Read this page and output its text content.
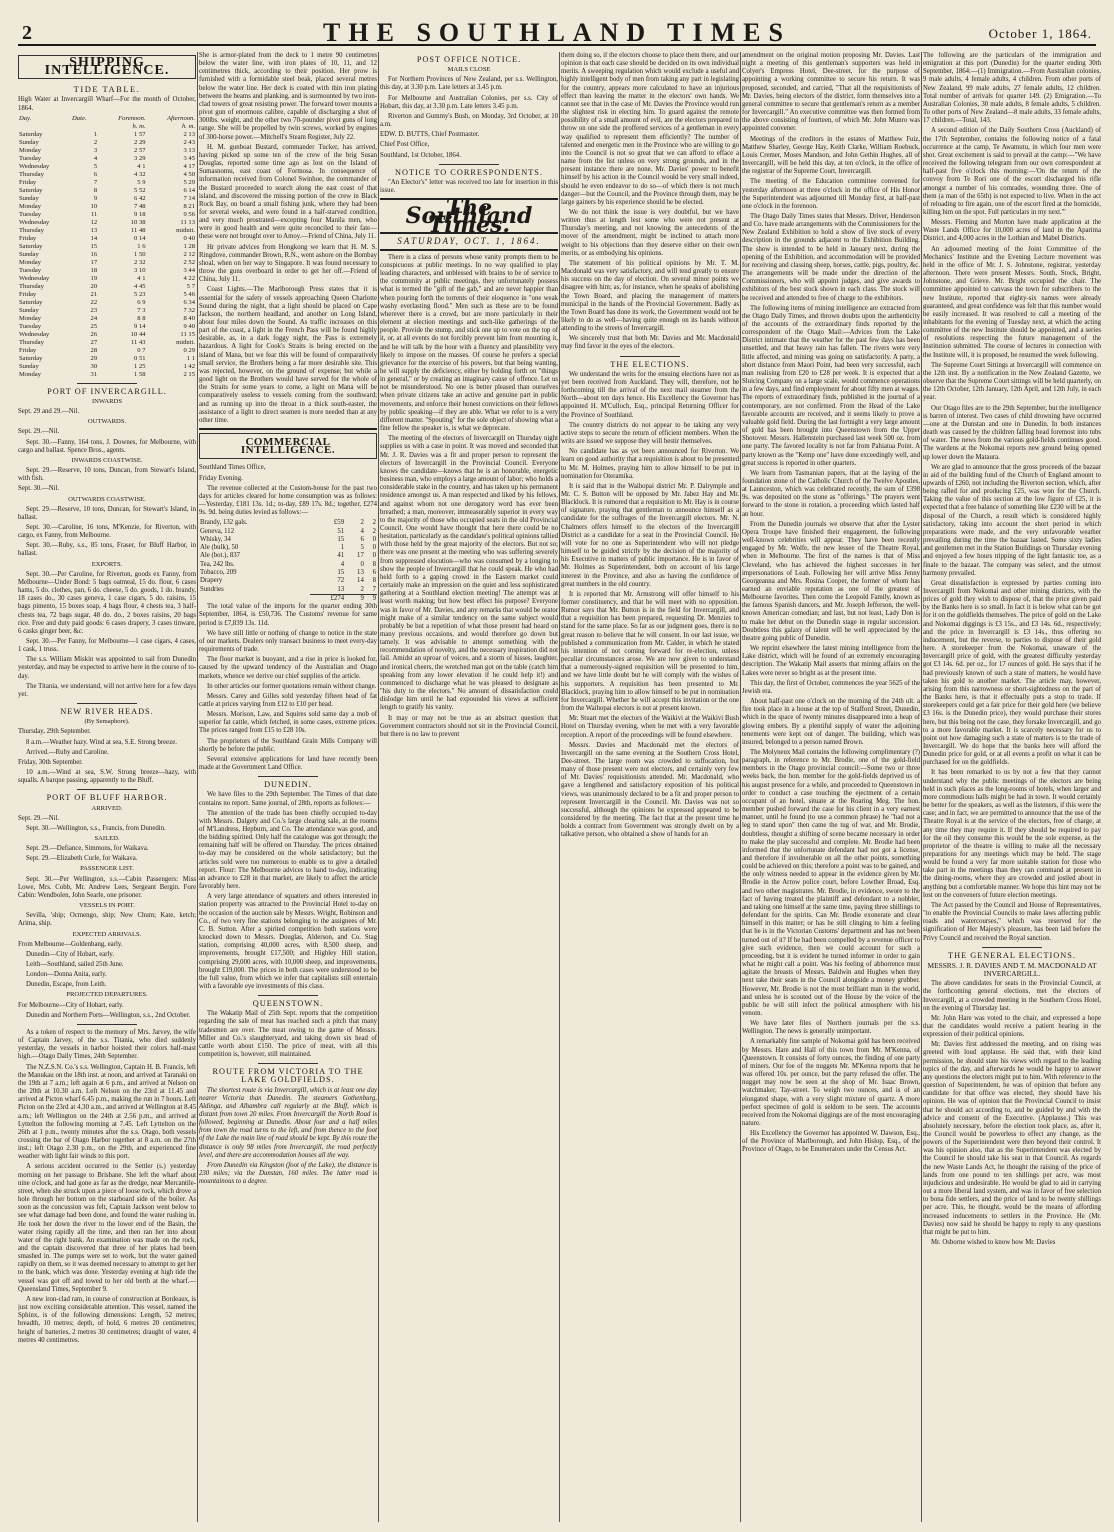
2	THE SOUTHLAND TIMES	October 1, 1864.
SHIPPING INTELLIGENCE.
TIDE TABLE.

High Water at Invercargill Wharf—For the month of October, 1864.

Day.	Date.	Forenoon.	Afternoon.
		h. m.	h. m.
Saturday	1	1 57	2 13
Sunday	2	2 29	2 43
Monday	3	2 57	3 13
Tuesday	4	3 29	3 45
Wednesday	5	4 1	4 17
Thursday	6	4 32	4 50
Friday	7	5 9	5 29
Saturday	8	5 52	6 14
Sunday	9	6 42	7 14
Monday	10	7 48	8 21
Tuesday	11	9 18	9 56
Wednesday	12	10 38	11 13
Thursday	13	11 48	midnit.
Friday	14	0 14	0 40
Saturday	15	1 6	1 28
Sunday	16	1 50	2 12
Monday	17	2 32	2 52
Tuesday	18	3 10	3 44
Wednesday	19	4 1	4 22
Thursday	20	4 45	5 7
Friday	21	5 23	5 46
Saturday	22	6 9	6 34
Sunday	23	7 3	7 32
Monday	24	8 8	8 40
Tuesday	25	9 14	9 40
Wednesday	26	10 44	11 15
Thursday	27	11 43	midnit.
Friday	28	0 7	0 29
Saturday	29	0 51	1 1
Sunday	30	1 25	1 42
Monday	31	1 58	2 15
PORT OF INVERCARGILL.
INWARDS

Sept. 29 and 29.—Nil.

OUTWARDS.

Sept. 29.—Nil.

Sept. 30.—Fanny, 164 tons, J. Downes, for Melbourne, with cargo and ballast. Spence Bros., agents.

INWARDS COASTWISE.

Sept. 29.—Reserve, 10 tons, Duncan, from Stewart's Island, with fish.

Sept. 30.—Nil.

OUTWARDS COASTWISE.

Sept. 29.—Reserve, 10 tons, Duncan, for Stewart's Island, in ballast.

Sept. 30.—Caroline, 16 tons, M'Kenzie, for Riverton, with cargo, ex Fanny, from Melbourne.

Sept. 30.—Ruby, s.s., 85 tons, Fraser, for Bluff Harbor, in ballast.

EXPORTS.

Sept. 30.—Per Caroline, for Riverton, goods ex Fanny, from Melbourne—Under Bond: 5 bags oatmeal, 15 do. flour, 6 cases hams, 5 do. clothes, pan, 6 do. cheese, 5 do. goods, 1 do. brandy, 18 cases do., 30 cases geneva, 1 case cigars, 5 do. raisins, 15 bags pimento, 15 boxes soap, 4 bags flour, 4 chests tea, 3 half-chests tea, 72 bags sugar, 48 do. do., 2 boxes raisins, 20 bags rice. Free and duty paid goods: 6 cases drapery, 3 cases tinware, 6 casks ginger beer, &c.

Sept. 30.—Per Fanny, for Melbourne—1 case cigars, 4 cases, 1 cask, 1 truss.

The s.s. William Miskin was appointed to sail from Dunedin yesterday, and may be expected to arrive here in the course of to-day.

The Titania, we understand, will not arrive here for a few days yet.

NEW RIVER HEADS.
(By Semaphore).

Thursday, 29th September.

8 a.m.—Weather hazy. Wind at sea, S.E. Strong breeze.

Arrived.—Ruby and Caroline.

Friday, 30th September.

10 a.m.—Wind at sea, S.W. Strong breeze—hazy, with squalls. A barque passing, apparently to the Bluff.

PORT OF BLUFF HARBOR.
ARRIVED.

Sept. 29.—Nil.

Sept. 30.—Wellington, s.s., Francis, from Dunedin.

SAILED.

Sept. 29.—Defiance, Simmons, for Waikava.

Sept. 29.—Elizabeth Curle, for Waikava.

PASSENGER LIST.

Sept. 30.—Per Wellington, s.s.—Cabin Passengers: Miss Lowe, Mrs. Cobb, Mr. Andrew Lees, Sergeant Bergin. Fore Cabin: Wendbolen, John Searle, one prisoner.

VESSELS IN PORT.

Sevilla, 'ship; Ocmengo, ship; New Chum; Kate, ketch; Arima, ship.

EXPECTED ARRIVALS.

From Melbourne—Goldenbang, early.

Dunedin—City of Hobart, early.

Leith—Southland, sailed 25th June.

London—Donna Anita, early.

Dunedin, Escape, from Leith.

PROJECTED DEPARTURES.

For Melbourne—City of Hobart, early.

Dunedin and Northern Ports—Wellington, s.s., 2nd October.

As a token of respect to the memory of Mrs. Jarvey, the wife of Captain Jarvey, of the s.s. Titania, who died suddenly yesterday, the vessels in harbor hoisted their colors half-mast high.—Otago Daily Times, 24th September.

The N.Z.S.N. Co.'s s.s. Wellington, Captain H. B. Francis, left the Manukau on the 18th inst. at noon, and arrived at Taranaki on the 19th at 7 a.m.; left again at 6 p.m., and arrived at Nelson on the 20th at 10.30 a.m. Left Nelson on the 23rd at 11.45 and arrived at Picton wharf 6.45 p.m., making the run in 7 hours. Left Picton on the 23rd at 4.30 a.m., and arrived at Wellington at 8.45 a.m.; left Wellington on the 24th at 2.56 p.m., and arrived at Lyttelton the following morning at 7.45. Left Lyttelton on the 26th at 1 p.m., twenty minutes after the s.s. Otago, both vessels crossing the bar of Otago Harbor together at 8 a.m. on the 27th inst.; left Otago 2.30 p.m., on the 29th, and experienced fine weather with light fair winds to this port.

A serious accident occurred to the Settler (s.) yesterday morning on her passage to Brisbane. She left the wharf about nine o'clock, and had gone as far as the dredge, near Mercantile-street, when she struck upon a piece of loose rock, which drove a hole through her bottom on the starboard side of the boiler. As soon as the concussion was felt, Captain Jackson went below to see what damage had been done, and found the water rushing in. He took her down the river to the lower end of the Basin, the water rising rapidly all the time, and then ran her into about water of the right bank. An examination was made on the rock, and the captain discovered that three of her plates had been smashed in. The pumps were set to work, but the water gained rapidly on them, so it was deemed necessary to attempt to get her to the bank, which was done. Yesterday evening at high tide the vessel was got off and towed to her old berth at the wharf.—Queensland Times, September 9.

A new iron-clad ram, in course of construction at Bordeaux, is just now exciting considerable attention. This vessel, named the Sphinx, is of the following dimensions: Length, 52 metres; breadth, 10 metres; depth, of hold, 6 metres 20 centimetres; height of batteries, 2 metres 30 centimetres; draught of water, 4 metres 40 centimetres.

She is armor-plated from the deck to 1 metre 90 centimetres below the water line, with iron plates of 10, 11, and 12 centimetres thick, according to their position. Her prow is furnished with a formidable steel beak, placed several metres below the water line. Her deck is coated with thin iron plating between the beams and planking, and is surmounted by two iron-clad towers of great resisting power. The forward tower mounts a pivot gun of enormous calibre, capable of discharging a shot of 300lbs. weight, and the other two 70-pounder pivot guns of long range. She will be propelled by twin screws, worked by engines of 300-horse power.—Mitchell's Steam Register, July 22.

H. M. gunboat Bustard, commander Tucker, has arrived, having picked up some ten of the crew of the brig Susan Douglas, reported some time ago as lost on the Island of Sumasnomu, east coast of Formosa. In consequence of information received from Colonel Swinhoe, the commander of the Bustard proceeded to search along the east coast of that island, and discovered the missing portion of the crew in Black Rock Bay, on board a small fishing junk, where they had been for several weeks, and were found in a half-starved condition, and very much prostrated—excepting four Manila men, who were in good health and were quite reconciled to their fate—these were not brought over to Amoy.—Friend of China, July 11.

Hr private advices from Hongkong we learn that H. M. S. Ringdove, commander Brown, R.N., went ashore on the Bombay shoal, when on her way to Singapore. It was found necessary to throw the guns overboard in order to get her off.—Friend of China, July 11.

Coast Lights.—The Marlborough Press states that it is essential for the safety of vessels approaching Queen Charlotte Sound during the night, that a light should be placed on Cape Jackson, the northern headland, and another on Long Island, about four miles down the Sound. As traffic increases on this part of the coast, a light in the French Pass will be found highly desirable, as, in a dark foggy night, the Pass is extremely hazardous. A light for Cook's Straits is being erected on the island of Mana, but we fear this will be found of comparatively small service, the Brothers being a far more desirable site. This was rejected, however, on the ground of expense; but while a good light on the Brothers would have served for the whole of the Straits for some years to come, a light on Mana will be comparatively useless to vessels coming from the southward; and as running up into the throat in a thick south-easter, the assistance of a light to direct seamen is more needed than at any other time.

COMMERCIAL INTELLIGENCE.

Southland Times Office,

Friday Evening.

The revenue collected at the Custom-house for the past two days for articles cleared for home consumption was as follows:—Yesterday, £181 13s. 1d.; to-day, £89 17s. 8d.; together, £274 9s. 9d. being duties levied as follows:—

Brandy, 132 gals.	£59	2	2
Geneva, 112	51	4	2
Whisky, 34	15	6	0
Ale (bulk), 50	1	5	0
Ale (bot.), 837	41	17	0
Tea, 242 lbs.	4	0	8
Tobacco, 209	15	13	6
Drapery	72	14	8
Sundries	13	2	7
	£274	9	9

The total value of the imports for the quarter ending 30th September, 1864, is £50,736. The Customs' revenue for same period is £7,839 13s. 11d.

We have still little or nothing of change to notice in the state of our markets. Dealers only transact business to meet every-day requirements of trade.

The flour market is buoyant, and a rise in price is looked for, caused by the upward tendency of the Australian and Otago markets, whence we derive our chief supplies of the article.

In other articles our former quotations remain without change.

Messrs. Carey and Gilles sold yesterday fifteen head of fat cattle at prices varying from £12 to £10 per head.

Messrs. Morison, Law, and Squires sold same day a mob of superior fat cattle, which fetched, in some cases, extreme prices. The prices ranged from £15 to £28 10s.

The proprietors of the Southland Grain Mills Company will shortly be before the public.

Several extensive applications for land have recently been made at the Government Land Office.

DUNEDIN.

We have files to the 29th September. The Times of that date contains no report. Same journal, of 28th, reports as follows:—

The attention of the trade has been chiefly occupied to-day with Messrs. Dalgety and Co.'s large clearing sale, at the rooms of M'Landress, Hepburn, and Co. The attendance was good, and the bidding spirited. Only half the catalogue was got through; the remaining half will be offered on Thursday. The prices obtained to-day may be considered on the whole satisfactory; but the articles sold were too numerous to enable us to give a detailed report. Flour: The Melbourne advices to hand to-day, indicating an advance to £28 in that market, are likely to affect the article favorably here.

A very large attendance of squatters and others interested in station property was attracted to the Provincial Hotel to-day on the occasion of the auction sale by Messrs. Wright, Robinson and Co., of two very fine stations belonging to the assignees of Mr. C. B. Sutton. After a spirited competition both stations were knocked down to Messrs. Douglas, Alderson, and Co. Stag station, comprising 40,000 acres, with 8,500 sheep, and improvements, brought £17,500; and Highley Hill station, comprising 29,000 acres, with 10,000 sheep, and improvements, brought £19,000. The prices in both cases were understood to be the full value, from which we infer that capitalists still entertain with a favorable eye investments of this class.

QUEENSTOWN.

The Wakatip Mail of 25th Sept. reports that the competition regarding the sale of meat has reached such a pitch that many tradesmen are over. The meat owing to the game of Messrs. Miller and Co.'s slaughteryard, and taking down six head of cattle worth about £150. The price of meat, with all this competition is, however, still maintained.

ROUTE FROM VICTORIA TO THE LAKE GOLDFIELDS.

The shortest route is via Invercargill, which is at least one day nearer Victoria than Dunedin. The steamers Gothenburg, Aldinga, and Alhambra call regularly at the Bluff, which is distant from town 20 miles. From Invercargill the North Road is followed, beginning at Dunedin. About four and a half miles from town the road turns to the left, and from thence to the foot of the Lake the main line of road should be kept. By this route the distance is only 98 miles from Invercargill, the road perfectly level, and there are accommodation houses all the way.

From Dunedin via Kingston (foot of the Lake), the distance is 230 miles; via the Dunstan, 160 miles. The latter road is mountainous to a degree.

POST OFFICE NOTICE.
MAILS CLOSE

For Northern Provinces of New Zealand, per s.s. Wellington, this day, at 3.30 p.m. Late letters at 3.45 p.m.

For Melbourne and Australian Colonies, per s.s. City of Hobart, this day, at 3.30 p.m. Late letters 3.45 p.m.

Riverton and Gummy's Bush, on Monday, 3rd October, at 10 a.m.

EDW. D. BUTTS, Chief Postmaster.

Chief Post Office,

Southland, 1st October, 1864.

NOTICE TO CORRESPONDENTS.

"An Elector's" letter was received too late for insertion in this issue.

The Southland Times.
SATURDAY, OCT. 1, 1864.

There is a class of persons whose vanity prompts them to be conspicuous at public meetings. In no way qualified to play leading characters, and unblessed with brains to be of service to the community at public meetings, they unfortunately possess what is termed the "gift of the gab," and are never happier than when pouring forth the torrents of their eloquence in "one weak washy everlasting flood." Men such as these are to be found wherever there is a crowd, but are more particularly in their element at election meetings and such-like gatherings of the people. Provide the stump, and stick one up to vote on the top of it, or, at all events do not forcibly prevent him from mounting it, and he will talk by the hour with a fluency and plausibility very likely to impose on the masses. Of course he prefers a special grievance for the exercise of his powers, but that being wanting, he will supply the deficiency, either by holding forth on "things in general," or by creating an imaginary cause of offence. Let us not be misunderstood. No one is better pleased than ourselves when private citizens take an active and genuine part in public movements, and enforce their honest convictions on their fellows by public speaking—if they are able. What we refer to is a very different matter. "Spouting" for the sole object of showing what a fine fellow the speaker is, is what we deprecate.

The meeting of the electors of Invercargill on Thursday night supplies us with a case in point. It was moved and seconded that Mr. J. R. Davies was a fit and proper person to represent the electors of Invercargill in the Provincial Council. Everyone knows the candidate—knows that he is an honorable, energetic business man, who employs a large amount of labor; who holds a considerable stake in the country, and has taken up his permanent residence amongst us. A man respected and liked by his fellows, and against whom not one derogatory word has ever been breathed; a man, moreover, immeasurably superior in every way to the majority of those who occupied seats in the old Provincial Council. One would have thought that here there could be no hesitation, particularly as the candidate's political opinions tallied with those held by the great majority of the electors. But not so; there was one present at the meeting who was suffering severely from suppressed elocution—who was consumed by a longing to show the people of Invercargill that he could speak. He who had held forth to a gaping crowd in the Eastern market could certainly make an impression on the quiet and less sophisticated gathering at a Southland election meeting! The attempt was at least worth making; but how best effect his purpose? Everyone was in favor of Mr. Davies, and any remarks that would be orator might make of a similar tendency on the same subject would probably be but a repetition of what those present had heard on many previous occasions, and would therefore go down but tamely. It was advisable to attempt something with the recommendation of novelty, and the necessary inspiration did not fail. Amidst an uproar of voices, and a storm of hisses, laughter, and ironical cheers, the wretched man got on the table (catch him speaking from any lower elevation if he could help it!) and commenced to discharge what he was pleased to designate as "his duty to the electors." No amount of dissatisfaction could dislodge him until he had expounded his views at sufficient length to gratify his vanity.

It may or may not be true as an abstract question that Government contractors should not sit in the Provincial Council, but there is no law to prevent

them doing so, if the electors choose to place them there, and our opinion is that each case should be decided on its own individual merits. A sweeping regulation which would exclude a useful and highly intelligent body of men from taking any part in legislating for the country, appears more calculated to have an injurious effect than leaving the matter in the electors' own hands. We cannot see that in the case of Mr. Davies the Province would run the slightest risk in electing him. To guard against the remote possibility of a small amount of evil, are the electors prepared to throw on one side the proffered services of a gentleman in every way qualified to represent them efficiently? The number of talented and energetic men in the Province who are willing to go into the Council is not so great that we can afford to efface a name from the list unless on very strong grounds, and in the present instance there are none. Mr. Davies' power to benefit himself by his action in the Council would be very small indeed, should he even endeavor to do so—of which there is not much danger—but the Council, and the Province through them, may be large gainers by his experience should he be elected.

We do not think the issue is very doubtful, but we have written thus at length lest some who were not present at Thursday's meeting, and not knowing the antecedents of the mover of the amendment, might be inclined to attach more weight to his objections than they deserve either on their own merits, or as embodying his opinions.

The statement of his political opinions by Mr. T. M. Macdonald was very satisfactory, and will tend greatly to ensure his success on the day of election. On several minor points we disagree with him; as, for instance, when he speaks of abolishing the Town Board, and placing the management of matters municipal in the hands of the Provincial Government. Badly as the Town Board has done its work, the Government would not be likely to do as well—having quite enough on its hands without attending to the streets of Invercargill.

We sincerely trust that both Mr. Davies and Mr. Macdonald may find favor in the eyes of the electors.

THE ELECTIONS.

We understand the writs for the ensuing elections have not as yet been received from Auckland. They will, therefore, not be forthcoming till the arrival of the next mail steamer from the North—about ten days hence. His Excellency the Governor has appointed H. M'Culloch, Esq., principal Returning Officer for the Province of Southland.

The country districts do not appear to be taking any very active steps to secure the return of efficient members. When the writs are issued we suppose they will bestir themselves.

No candidate has as yet been announced for Riverton. We learn on good authority that a requisition is about to be presented to Mr. M. Holmes, praying him to allow himself to be put in nomination for Oteramika.

It is said that in the Waihopai district Mr. P. Dalrymple and Mr. C. S. Button will be opposed by Mr. Jabez Hay and Mr. Blacklock. It is rumored that a requisition to Mr. Hay is in course of signature, praying that gentleman to announce himself as a candidate for the suffrages of the Invercargill electors. Mr. N. Chalmers offers himself to the electors of the Invercargill District as a candidate for a seat in the Provincial Council. He will vote for no one as Superintendent who will not pledge himself to be guided strictly by the decision of the majority of his Executive in matters of public importance. He is in favor of Mr. Holmes as Superintendent, both on account of his large interest in the Province, and also as having the confidence of great numbers in the old country.

It is reported that Mr. Armstrong will offer himself to his former constituency, and that he will meet with no opposition. Rumor says that Mr. Button is in the field for Invercargill, and that a requisition has been prepared, requesting Dr. Menzies to stand for the same place. So far as our judgment goes, there is no great reason to believe that he will consent. In our last issue, we published a communication from Mr. Calder, in which he stated his intention of not coming forward for re-election, unless peculiar circumstances arose. We are now given to understand that a numerously-signed requisition will be presented to him, and we have little doubt but he will comply with the wishes of his supporters. A requisition has been presented to Mr. Blacklock, praying him to allow himself to be put in nomination for Invercargill. Whether he will accept this invitation or the one from the Waihopai electors is not at present known.

Mr. Stuart met the electors of the Waikivi at the Waikivi Bush Hotel on Thursday evening, when he met with a very favorable reception. A report of the proceedings will be found elsewhere.

Messrs. Davies and Macdonald met the electors of Invercargill on the same evening at the Southern Cross Hotel, Dee-street. The large room was crowded to suffocation, but many of those present were not electors, and certainly very few of Mr. Davies' requisitionists attended. Mr. Macdonald, who gave a lengthened and satisfactory exposition of his political views, was unanimously declared to be a fit and proper person to represent Invercargill in the Council. Mr. Davies was not so successful, although the opinions he expressed appeared to be considered by the meeting. The fact that at the present time he holds a contract from Government was strongly dwelt on by a talkative person, who obtained a show of hands for an

amendment on the original motion proposing Mr. Davies. Last night a meeting of this gentleman's supporters was held in Colyer's Empress Hotel, Dee-street, for the purpose of appointing a working committee to secure his return. It was proposed, seconded, and carried, "That all the requisitionists of Mr. Davies, being electors of the district, form themselves into a general committee to secure that gentleman's return as a member for Invercargill." An executive committee was then formed from the above consisting of fourteen, of which Mr. John Munro was appointed convener.

Meetings of the creditors in the estates of Matthew Fuiz, Matthew Sharley, George Hay, Keith Clarke, William Roebuck, Louis Cremer, Moses Mandson, and John Gethin Hughes, all of Invercargill, will be held this day, at ten o'clock, in the office of the registrar of the Supreme Court, Invercargill.

The meeting of the Education committee convened for yesterday afternoon at three o'clock in the office of His Honor the Superintendent was adjourned till Monday first, at half-past one o'clock in the forenoon.

The Otago Daily Times states that Messrs. Driver, Henderson and Co. have made arrangements with the Commissioners for the New Zealand Exhibition to hold a show of live stock of every description in the grounds adjacent to the Exhibition Building. The show is intended to be held in January next, during the opening of the Exhibition, and accommodation will be provided for receiving and classing sheep, horses, cattle, pigs, poultry, &c. The arrangements will be made under the direction of the Commissioners, who will appoint judges, and give awards to exhibitors of the best stock shown in each class. The stock will be received and attended to free of charge to the exhibitors.

The following items of mining intelligence are extracted from the Otago Daily Times, and thrown doubts upon the authenticity of the accounts of the extraordinary finds reported by the correspondent of the Otago Mail:—Advices from the Lake District intimate that the weather for the past few days has been unsettled, and that heavy rain has fallen. The rivers were very little affected, and mining was going on satisfactorily. A party, a short distance from Maori Point, had been very successful, each man realising from £20 to £28 per week. It is expected that a Sluicing Company on a large scale, would commence operations in a few days, and find employment for about fifty men at wages. The reports of extraordinary finds, published in the journal of a contemporary, are not confirmed. From the Head of the Lake favorable accounts are received, and it seems likely to prove a valuable gold field. During the last fortnight a very large amount of gold has been brought into Queenstown from the Upper Shotover. Messrs. Hallenstein purchased last week 500 oz. from one party. The favored locality is not far from Pahiatua Point. A party known as the "Kemp one" have done exceedingly well, and great success is reported in other quarters.

We learn from Tasmanian papers, that at the laying of the foundation stone of the Catholic Church of the Twelve Apostles, at Launceston, which was celebrated recently, the sum of £398 9s. was deposited on the stone as "offerings." The prayers went forward to the stone in rotation, a proceeding which lasted half an hour.

From the Dunedin journals we observe that after the Lyster Opera Troupe have finished their engagement, the following well-known celebrities will appear. They have been recently engaged by Mr. Wolfe, the new lessee of the Theatre Royal, when in Melbourne. The first of the names is that of Miss Cleveland, who has achieved the highest successes in her impersonations of Leah. Following her will arrive Miss Jenny Georgeanna and Mrs. Rosina Cooper, the former of whom has earned an enviable reputation as one of the greatest of Melbourne favorites. Then come the Leopold Family, known as the famous Spanish dancers, and Mr. Joseph Jefferson, the well-known American comedian; and last, but not least, Lady Don is to make her debut on the Dunedin stage in regular succession. Doubtless this galaxy of talent will be well appreciated by the theatre going public of Dunedin.

We reprint elsewhere the latest mining intelligence from the Lake district, which will be found of an extremely encouraging description. The Wakatip Mail asserts that mining affairs on the Lakes were never so bright as at the present time.

This day, the first of October, commences the year 5625 of the Jewish era.

About half-past one o'clock on the morning of the 24th ult. a fire took place in a house at the top of Stafford Street, Dunedin, which in the space of twenty minutes disappeared into a heap of glowing embers. By a plentiful supply of water the adjoining tenements were kept out of danger. The building, which was insured, belonged to a person named Brown.

The Molyneux Mail contains the following complimentary (?) paragraph, in reference to Mr. Brodie, one of the gold-field members in the Otago provincial council:—Some two or three weeks back, the hon. member for the gold-fields deprived us of his august presence for a while, and proceeded to Queenstown in order to conduct a case touching the ejectment of a certain occupant of an hotel, situate at the Roaring Meg. The hon. member pushed forward the case for his client in a very earnest manner, until he found (to use a common phrase) he "had not a leg to stand upon" then came the tug of war, and Mr. Brodie, doubtless, thought a shifting of scene became necessary in order to make the play successful and complete. Mr. Brodie had been informed that the unfortunate defendant had not got a license, and therefore if invulnerable on all the other points, something could be achieved on this; therefore a point was to be gained, and the only witness needed to appear in the evidence given by Mr. Brodie in the Arrow police court, before Lowther Broad, Esq. and two other magistrates. Mr. Brodie, in evidence, swore to the fact of having treated the plaintiff and defendant to a nobbler, and taking one himself at the same time, paying three shillings to defendant for the spirits. Can Mr. Brodie exonerate and clear himself in this matter; or has he still clinging to him a feeling that he is in the Victorian Customs' department and has not been turned out of it? If he had been compelled by a revenue officer to give such evidence, then we could account for such a proceeding, but it is evident he turned informer in order to gain what he might call a point. Was his feeling of abhorrence must agitate the breasts of Messrs. Baldwin and Hughes when they next take their seats in the Council alongside a money grubber. However, Mr. Brodie is not the most brilliant man in the world, and unless he is scouted out of the House by the voice of the public he will still infect the political atmosphere with his venom.

We have later files of Northern journals per the s.s. Wellington. The news is generally unimportant.

A remarkably fine sample of Nokomai gold has been received by Messrs. Hare and Hall of this town from Mr. M'Kenna, of Queenstown. It consists of forty ounces, the finding of one party of miners. Our foe of the nuggets Mr. M'Kenna reports that he was offered 10s. per ounce, but the party refused the offer. The nugget may now be seen at the shop of Mr. Isaac Brown, watchmaker, Tay-street. To weigh two ounces, and is of an elongated shape, with a very slight mixture of quartz. A more perfect specimen of gold is seldom to be seen. The accounts received from the Nokomai diggings are of the most encouraging nature.

His Excellency the Governor has appointed W. Dawson, Esq., of the Province of Marlborough, and John Hislop, Esq., of the Province of Otago, to be Enumerators under the Census Act.

The following are the particulars of the immigration and emigration at this port (Dunedin) for the quarter ending 30th September, 1864:—(1) Immigration.—From Australian colonies, 9 male adults, 4 female adults, 4 children. From other ports of New Zealand, 99 male adults, 27 female adults, 12 children. Total number of arrivals for quarter 149. (2) Emigration.—To Australian Colonies, 30 male adults, 8 female adults, 5 children. To other ports of New Zealand—8 male adults, 33 female adults, 17 children.—Total, 143.

A second edition of the Daily Southern Cross (Auckland) of the 17th September, contains the following notice of a fatal occurrence at the camp, Te Awamutu, in which four men were shot. Great excitement is said to prevail at the camp:—"We have received the following telegram from our own correspondent at half-past five o'clock this morning:—'On the return of the convoy from Te Rori one of the escort discharged his rifle amongst a number of his comrades, wounding three. One of them (a man of the 65th) is not expected to live. When in the act of reloading to fire again, one of the escort fired at the homicide, killing him on the spot. Full particulars in my next.'"

Messrs. Fleming and Morton have made application at the Waste Lands Office for 10,000 acres of land in the Aparima District, and 4,000 acres in the Lothian and Mabel Districts.

An adjourned meeting of the Joint Committee of the Mechanics' Institute and the Evening Lecture movement was held in the office of Mr. J. S. Johnstone, registrar, yesterday afternoon. There were present Messrs. South, Stock, Bright, Johnstone, and Grieve. Mr. Bright occupied the chair. The committee appointed to canvass the town for subscribers to the new Institute, reported that eighty-six names were already guaranteed, and great confidence was felt that this number would be easily increased. It was resolved to call a meeting of the inhabitants for the evening of Tuesday next, at which the acting committee of the new Institute should be appointed, and a series of resolutions respecting the future management of the Institution submitted. The course of lectures in connection with the Institute will, it is proposed, be resumed the week following.

The Supreme Court Sittings at Invercargill will commence on the 12th inst. By a notification in the New Zealand Gazette, we observe that the Supreme Court sittings will be held quarterly, on the 12th October, 12th January, 12th April, and 12th July, in each year.

Our Otago files are to the 29th September, but the intelligence is barren of interest. Two cases of child drowning have occurred—one at the Dunstan and one in Dunedin. In both instances death was caused by the children falling head foremost into tubs of water. The news from the various gold-fields continues good. The wardens at the Nokomai reports new ground being opened up lower down the Mataura.

We are glad to announce that the gross proceeds of the bazaar in aid of the building fund of the Church of England amount to upwards of £260, not including the Riverton section, which, after being rafled for and producing £25, was won for the Church. Taking the value of this section at the low figure of £25, it is expected that a free balance of something like £230 will be at the disposal of the Church, a result which is considered highly satisfactory, taking into account the short period in which preparations were made, and the very unfavorable weather prevailing during the time the bazaar lasted. Some sixty ladies and gentlemen met in the Station Buildings on Thursday evening and enjoyed a few hours tripping of the light fantastic toe, as a finale to the bazaar. The company was select, and the utmost harmony prevailed.

Great dissatisfaction is expressed by parties coming into Invercargill from Nokomai and other mining districts, with the prices of gold they wish to dispose of, that the price given paid by the Banks here is so small. In fact it is below what can be got for it on the goldfields themselves. The price of gold on the Lake and Nokomai diggings is £3 15s., and £3 14s. 6d., respectively; and the price in Invercargill is £3 14s., thus offering no inducement, but the reverse, to parties to dispose of their gold here. A storekeeper from the Nokomai, unaware of the Invercargill price of gold, with the greatest difficulty yesterday got £3 14s. 6d. per oz., for 17 ounces of gold. He says that if he had previously known of such a state of matters, he would have taken his gold to another market. The article may, however, arising from this narrowness or short-sightedness on the part of the Banks here, is that it effectually puts a stop to trade. If storekeepers could get a fair price for their gold here (we believe £3 16s. is the Dunedin price), they would purchase their stores here, but this being not the case, they forsake Invercargill, and go to a more favorable market. It is scarcely necessary for us to point out how damaging such a state of matters is to the trade of Invercargill. We do hope that the banks here will afford the Dunedin price for gold, or at all events a profit on what it can be purchased for on the goldfields.

It has been remarked to us by not a few that they cannot understand why the public meetings of the electors are being held in such places as the long-rooms of hotels, when larger and more commodious halls might be had in town. It would certainly be better for the speakers, as well as the listeners, if this were the case; and in fact, we are permitted to announce that the use of the Theatre Royal is at the service of the electors, free of charge, at any time they may require it. If they should be required to pay for the oil they consume this would be the sole expense, as the proprietor of the theatre is willing to make all the necessary preparations for any meetings which may be held. The stage would be found a very far more suitable station for those who take part in the meetings than they can command at present in the dining-rooms, where they are crowded and jostled about in anything but a comfortable manner. We hope this hint may not be lost on the conveners of future election meetings.

The Act passed by the Council and House of Representatives, "to enable the Provincial Councils to make laws affecting public roads and watercourses," which was reserved for the signification of Her Majesty's pleasure, has been laid before the Privy Council and received the Royal sanction.

THE GENERAL ELECTIONS.
MESSRS. J. R. DAVIES AND T. M. MACDONALD AT INVERCARGILL.

The above candidates for seats in the Provincial Council, at the forthcoming general elections, met the electors of Invercargill, at a crowded meeting in the Southern Cross Hotel, on the evening of Thursday last.

Mr. John Hare was voted to the chair, and expressed a hope that the candidates would receive a patient hearing in the expression of their political opinions.

Mr. Davies first addressed the meeting, and on rising was greeted with loud applause. He said that, with their kind permission, he should state his views with regard to the leading topics of the day, and afterwards he would be happy to answer any questions the electors might put to him. With reference to the question of Superintendent, he was of opinion that before any candidate for that office was elected, they should have his opinion. He was of opinion that the Provincial Council to insist that he should act according to, and be guided by and with the advice and consent of the Executive. (Applause.) This was absolutely necessary, before the election took place, as, after it, the Council would be powerless to effect any change, as the powers of the Superintendent were then beyond their control. It was his opinion also, that as the Superintendent was elected by the Council he should take his seat in that Council. As regards the new Waste Lands Act, he thought the raising of the price of lands from one pound to ten shillings per acre, was most injudicious and undesirable. He would be glad to aid in carrying out a more liberal land system, and was in favor of free selection to bona fide settlers, and the price of land to be twenty shillings per acre. This, he thought, would be the means of affording increased inducements to settlers in the Province. He (Mr. Davies) now said he should be happy to reply to any questions that might be put to him.

Mr. Osborne wished to know how Mr. Davies
